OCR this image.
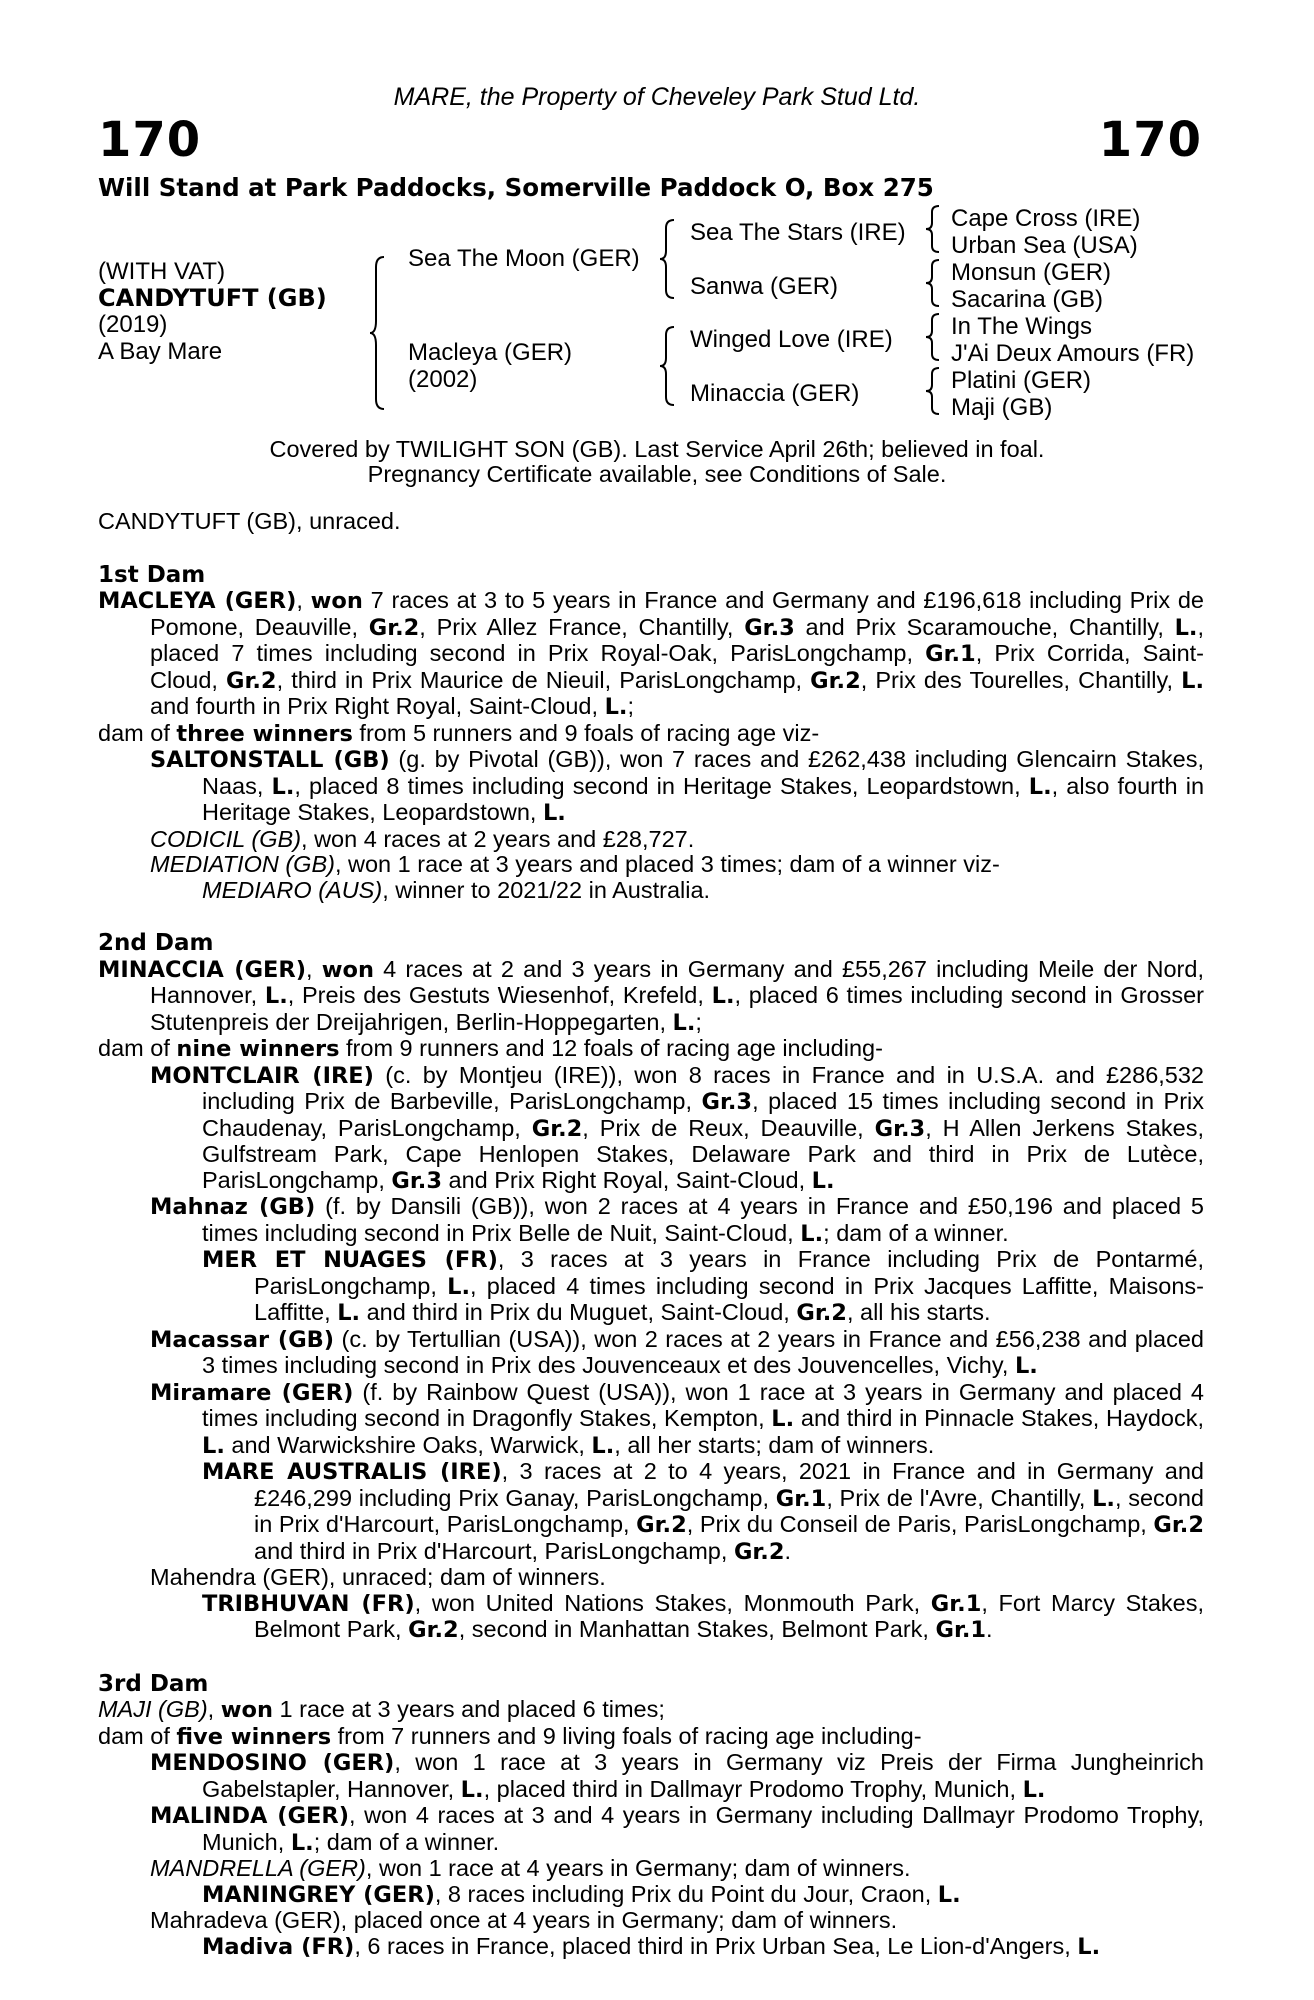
MARE, the Property of Cheveley Park Stud Ltd.
170	170
Will Stand at Park Paddocks, Somerville Paddock O, Box 275
(WITH VAT)
CANDYTUFT (GB)
(2019)
A Bay Mare
Sea The Moon (GER)
Macleya (GER)
(2002)
Sea The Stars (IRE)
Sanwa (GER)
Winged Love (IRE)
Minaccia (GER)
Cape Cross (IRE)
Urban Sea (USA)
Monsun (GER)
Sacarina (GB)
In The Wings
J'Ai Deux Amours (FR)
Platini (GER)
Maji (GB)
Covered by TWILIGHT SON (GB). Last Service April 26th; believed in foal.
Pregnancy Certificate available, see Conditions of Sale.
CANDYTUFT (GB), unraced.
1st Dam
MACLEYA (GER), won 7 races at 3 to 5 years in France and Germany and £196,618 including Prix de Pomone, Deauville, Gr.2, Prix Allez France, Chantilly, Gr.3 and Prix Scaramouche, Chantilly, L., placed 7 times including second in Prix Royal-Oak, ParisLongchamp, Gr.1, Prix Corrida, Saint-Cloud, Gr.2, third in Prix Maurice de Nieuil, ParisLongchamp, Gr.2, Prix des Tourelles, Chantilly, L. and fourth in Prix Right Royal, Saint-Cloud, L.;
dam of three winners from 5 runners and 9 foals of racing age viz-
SALTONSTALL (GB) (g. by Pivotal (GB)), won 7 races and £262,438 including Glencairn Stakes, Naas, L., placed 8 times including second in Heritage Stakes, Leopardstown, L., also fourth in Heritage Stakes, Leopardstown, L.
CODICIL (GB), won 4 races at 2 years and £28,727.
MEDIATION (GB), won 1 race at 3 years and placed 3 times; dam of a winner viz-
MEDIARO (AUS), winner to 2021/22 in Australia.
2nd Dam
MINACCIA (GER), won 4 races at 2 and 3 years in Germany and £55,267 including Meile der Nord, Hannover, L., Preis des Gestuts Wiesenhof, Krefeld, L., placed 6 times including second in Grosser Stutenpreis der Dreijahrigen, Berlin-Hoppegarten, L.;
dam of nine winners from 9 runners and 12 foals of racing age including-
MONTCLAIR (IRE) (c. by Montjeu (IRE)), won 8 races in France and in U.S.A. and £286,532 including Prix de Barbeville, ParisLongchamp, Gr.3, placed 15 times including second in Prix Chaudenay, ParisLongchamp, Gr.2, Prix de Reux, Deauville, Gr.3, H Allen Jerkens Stakes, Gulfstream Park, Cape Henlopen Stakes, Delaware Park and third in Prix de Lutèce, ParisLongchamp, Gr.3 and Prix Right Royal, Saint-Cloud, L.
Mahnaz (GB) (f. by Dansili (GB)), won 2 races at 4 years in France and £50,196 and placed 5 times including second in Prix Belle de Nuit, Saint-Cloud, L.; dam of a winner.
MER ET NUAGES (FR), 3 races at 3 years in France including Prix de Pontarmé, ParisLongchamp, L., placed 4 times including second in Prix Jacques Laffitte, Maisons-Laffitte, L. and third in Prix du Muguet, Saint-Cloud, Gr.2, all his starts.
Macassar (GB) (c. by Tertullian (USA)), won 2 races at 2 years in France and £56,238 and placed 3 times including second in Prix des Jouvenceaux et des Jouvencelles, Vichy, L.
Miramare (GER) (f. by Rainbow Quest (USA)), won 1 race at 3 years in Germany and placed 4 times including second in Dragonfly Stakes, Kempton, L. and third in Pinnacle Stakes, Haydock, L. and Warwickshire Oaks, Warwick, L., all her starts; dam of winners.
MARE AUSTRALIS (IRE), 3 races at 2 to 4 years, 2021 in France and in Germany and £246,299 including Prix Ganay, ParisLongchamp, Gr.1, Prix de l'Avre, Chantilly, L., second in Prix d'Harcourt, ParisLongchamp, Gr.2, Prix du Conseil de Paris, ParisLongchamp, Gr.2 and third in Prix d'Harcourt, ParisLongchamp, Gr.2.
Mahendra (GER), unraced; dam of winners.
TRIBHUVAN (FR), won United Nations Stakes, Monmouth Park, Gr.1, Fort Marcy Stakes, Belmont Park, Gr.2, second in Manhattan Stakes, Belmont Park, Gr.1.
3rd Dam
MAJI (GB), won 1 race at 3 years and placed 6 times;
dam of five winners from 7 runners and 9 living foals of racing age including-
MENDOSINO (GER), won 1 race at 3 years in Germany viz Preis der Firma Jungheinrich Gabelstapler, Hannover, L., placed third in Dallmayr Prodomo Trophy, Munich, L.
MALINDA (GER), won 4 races at 3 and 4 years in Germany including Dallmayr Prodomo Trophy, Munich, L.; dam of a winner.
MANDRELLA (GER), won 1 race at 4 years in Germany; dam of winners.
MANINGREY (GER), 8 races including Prix du Point du Jour, Craon, L.
Mahradeva (GER), placed once at 4 years in Germany; dam of winners.
Madiva (FR), 6 races in France, placed third in Prix Urban Sea, Le Lion-d'Angers, L.
